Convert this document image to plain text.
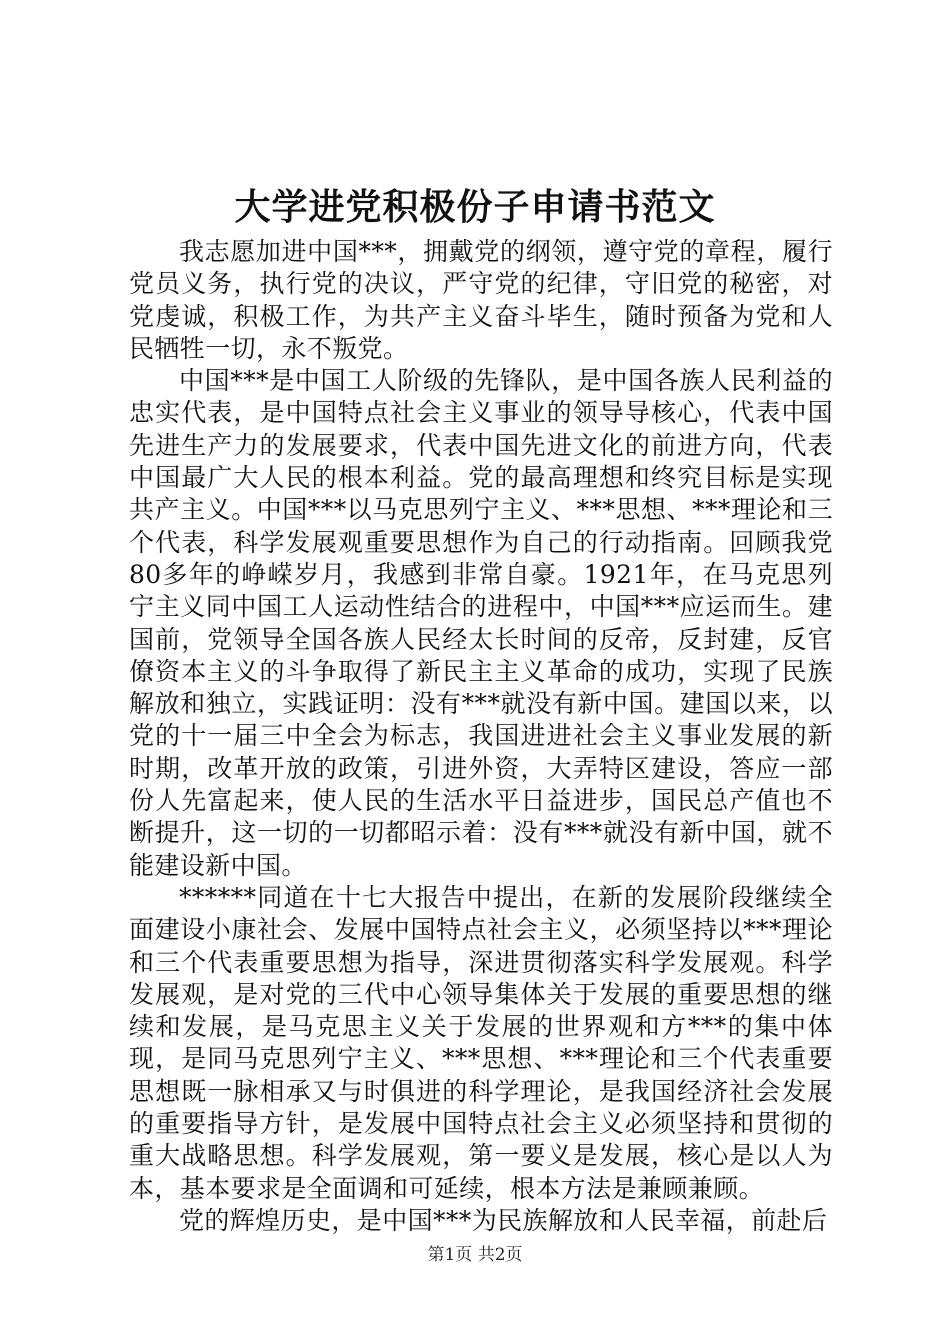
大学进党积极份子申请书范文

我志愿加进中国***，拥戴党的纲领，遵守党的章程，履行党员义务，执行党的决议，严守党的纪律，守旧党的秘密，对党虔诚，积极工作，为共产主义奋斗毕生，随时预备为党和人民牺牲一切，永不叛党。

中国***是中国工人阶级的先锋队，是中国各族人民利益的忠实代表，是中国特点社会主义事业的领导导核心，代表中国先进生产力的发展要求，代表中国先进文化的前进方向，代表中国最广大人民的根本利益。党的最高理想和终究目标是实现共产主义。中国***以马克思列宁主义、***思想、***理论和三个代表，科学发展观重要思想作为自己的行动指南。回顾我党80多年的峥嵘岁月，我感到非常自豪。1921年，在马克思列宁主义同中国工人运动性结合的进程中，中国***应运而生。建国前，党领导全国各族人民经太长时间的反帝，反封建，反官僚资本主义的斗争取得了新民主主义革命的成功，实现了民族解放和独立，实践证明：没有***就没有新中国。建国以来，以党的十一届三中全会为标志，我国进进社会主义事业发展的新时期，改革开放的政策，引进外资，大弄特区建设，答应一部份人先富起来，使人民的生活水平日益进步，国民总产值也不断提升，这一切的一切都昭示着：没有***就没有新中国，就不能建设新中国。

******同道在十七大报告中提出，在新的发展阶段继续全面建设小康社会、发展中国特点社会主义，必须坚持以***理论和三个代表重要思想为指导，深进贯彻落实科学发展观。科学发展观，是对党的三代中心领导集体关于发展的重要思想的继续和发展，是马克思主义关于发展的世界观和方***的集中体现，是同马克思列宁主义、***思想、***理论和三个代表重要思想既一脉相承又与时俱进的科学理论，是我国经济社会发展的重要指导方针，是发展中国特点社会主义必须坚持和贯彻的重大战略思想。科学发展观，第一要义是发展，核心是以人为本，基本要求是全面调和可延续，根本方法是兼顾兼顾。

党的辉煌历史，是中国***为民族解放和人民幸福，前赴后

第1页 共2页
